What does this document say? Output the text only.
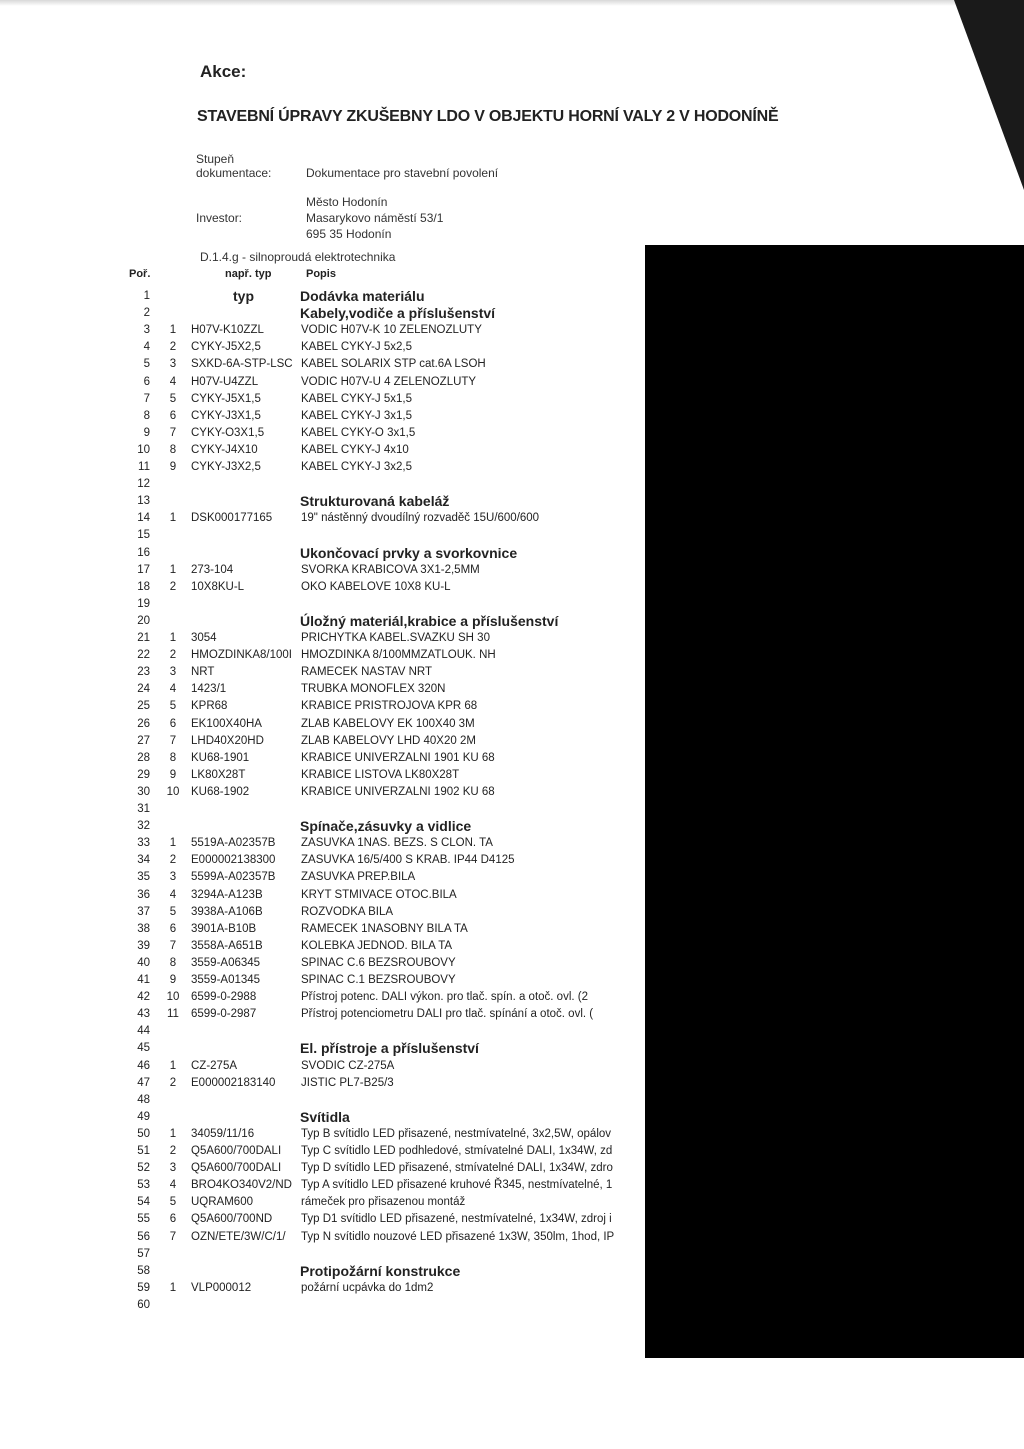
Akce:
STAVEBNÍ ÚPRAVY ZKUŠEBNY LDO V OBJEKTU HORNÍ VALY 2 V HODONÍNĚ
Stupeň
dokumentace:	Dokumentace pro stavební povolení
Město Hodonín
Investor:	Masarykovo náměstí 53/1
695 35 Hodonín
D.1.4.g - silnoproudá elektrotechnika
Poř.	např. typ	Popis
1	typ	Dodávka materiálu
2	Kabely,vodiče a příslušenství
3	1	H07V-K10ZZL	VODIC H07V-K 10 ZELENOZLUTY
4	2	CYKY-J5X2,5	KABEL CYKY-J 5x2,5
5	3	SXKD-6A-STP-LSC KABEL SOLARIX STP cat.6A LSOH
6	4	H07V-U4ZZL	VODIC H07V-U 4 ZELENOZLUTY
7	5	CYKY-J5X1,5	KABEL CYKY-J 5x1,5
8	6	CYKY-J3X1,5	KABEL CYKY-J 3x1,5
9	7	CYKY-O3X1,5	KABEL CYKY-O 3x1,5
10	8	CYKY-J4X10	KABEL CYKY-J 4x10
11	9	CYKY-J3X2,5	KABEL CYKY-J 3x2,5
12
13	Strukturovaná kabeláž
14	1	DSK000177165	19" nástěnný dvoudílný rozvaděč 15U/600/600
15
16	Ukončovací prvky a svorkovnice
17	1	273-104	SVORKA KRABICOVA 3X1-2,5MM
18	2	10X8KU-L	OKO KABELOVE 10X8 KU-L
19
20	Úložný materiál,krabice a příslušenství
21	1	3054	PRICHYTKA KABEL.SVAZKU SH 30
22	2	HMOZDINKA8/100I HMOZDINKA 8/100MMZATLOUK. NH
23	3	NRT	RAMECEK NASTAV NRT
24	4	1423/1	TRUBKA MONOFLEX 320N
25	5	KPR68	KRABICE PRISTROJOVA KPR 68
26	6	EK100X40HA	ZLAB KABELOVY EK 100X40 3M
27	7	LHD40X20HD	ZLAB KABELOVY LHD 40X20 2M
28	8	KU68-1901	KRABICE UNIVERZALNI 1901 KU 68
29	9	LK80X28T	KRABICE LISTOVA LK80X28T
30 10 KU68-1902	KRABICE UNIVERZALNI 1902 KU 68
31
32	Spínače,zásuvky a vidlice
33	1	5519A-A02357B ZASUVKA 1NAS. BEZS. S CLON. TA
34	2	E000002138300 ZASUVKA 16/5/400 S KRAB. IP44 D4125
35	3	5599A-A02357B ZASUVKA PREP.BILA
36	4	3294A-A123B	KRYT STMIVACE OTOC.BILA
37	5	3938A-A106B	ROZVODKA BILA
38	6	3901A-B10B	RAMECEK 1NASOBNY BILA TA
39	7	3558A-A651B	KOLEBKA JEDNOD. BILA TA
40	8	3559-A06345	SPINAC C.6 BEZSROUBOVY
41	9	3559-A01345	SPINAC C.1 BEZSROUBOVY
42 10 6599-0-2988	Přístroj potenc. DALI výkon. pro tlač. spín. a otoč. ovl. (2
43 11 6599-0-2987	Přístroj potenciometru DALI pro tlač. spínání a otoč. ovl. (
44
45	El. přístroje a příslušenství
46	1	CZ-275A	SVODIC CZ-275A
47	2	E000002183140 JISTIC PL7-B25/3
48
49	Svítidla
50	1	34059/11/16	Typ B svítidlo LED přisazené, nestmívatelné, 3x2,5W, opálov
51	2	Q5A600/700DALI Typ C svítidlo LED podhledové, stmívatelné DALI, 1x34W, zd
52	3	Q5A600/700DALI Typ D svítidlo LED přisazené, stmívatelné DALI, 1x34W, zdro
53	4	BRO4KO340V2/ND Typ A svítidlo LED přisazené kruhové Ř345, nestmívatelné, 1
54	5	UQRAM600	rámeček pro přisazenou montáž
55	6	Q5A600/700ND	Typ D1 svítidlo LED přisazené, nestmívatelné, 1x34W, zdroj i
56	7	OZN/ETE/3W/C/1/ Typ N svítidlo nouzové LED přisazené 1x3W, 350lm, 1hod, IP
57
58	Protipožární konstrukce
59	1	VLP000012	požární ucpávka do 1dm2
60
